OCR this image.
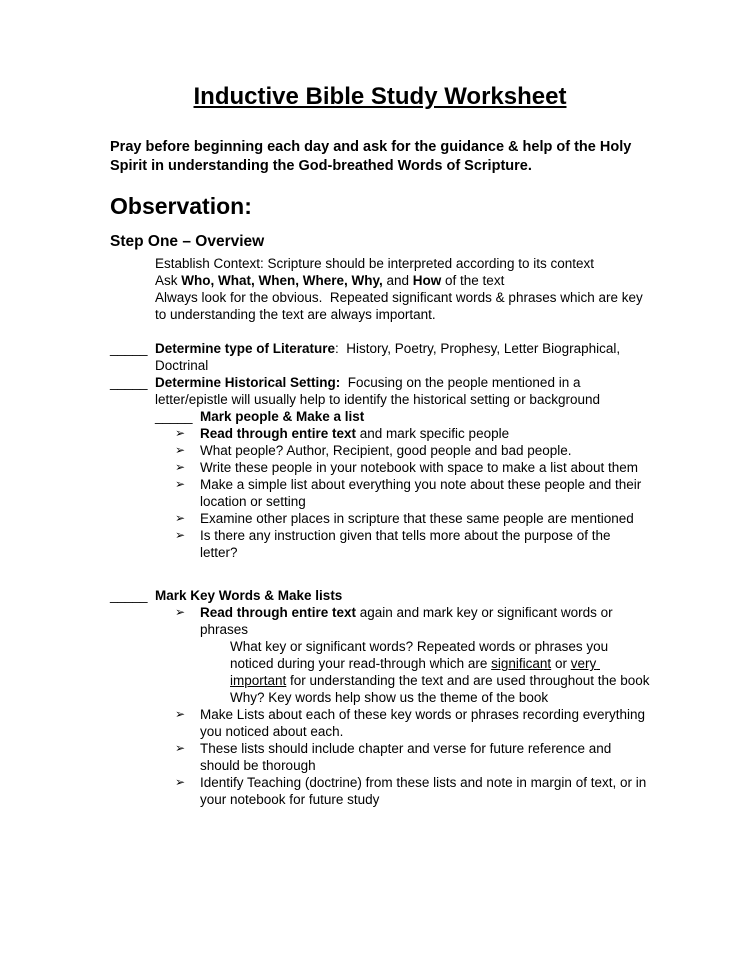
Inductive Bible Study Worksheet

Pray before beginning each day and ask for the guidance & help of the Holy Spirit in understanding the God-breathed Words of Scripture.

Observation:
Step One – Overview

Establish Context: Scripture should be interpreted according to its context

Ask Who, What, When, Where, Why, and How of the text

Always look for the obvious.  Repeated significant words & phrases which are key to understanding the text are always important.

_____ Determine type of Literature:  History, Poetry, Prophesy, Letter Biographical, Doctrinal

_____ Determine Historical Setting:  Focusing on the people mentioned in a letter/epistle will usually help to identify the historical setting or background

_____ Mark people & Make a list

➢	Read through entire text and mark specific people

➢	What people? Author, Recipient, good people and bad people.

➢	Write these people in your notebook with space to make a list about them

➢	Make a simple list about everything you note about these people and their location or setting

➢	Examine other places in scripture that these same people are mentioned

➢	Is there any instruction given that tells more about the purpose of the letter?

_____ Mark Key Words & Make lists

➢	Read through entire text again and mark key or significant words or phrases

What key or significant words? Repeated words or phrases you noticed during your read-through which are significant or very important for understanding the text and are used throughout the book

Why? Key words help show us the theme of the book

➢	Make Lists about each of these key words or phrases recording everything you noticed about each.

➢	These lists should include chapter and verse for future reference and should be thorough

➢	Identify Teaching (doctrine) from these lists and note in margin of text, or in your notebook for future study
